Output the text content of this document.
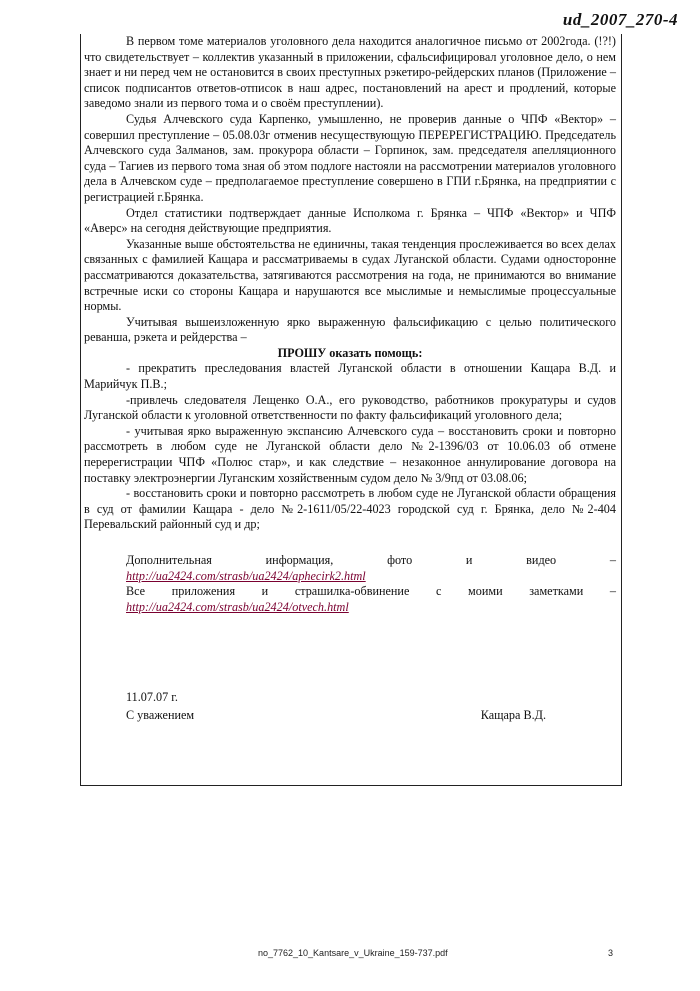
ud_2007_270-4

В первом томе материалов уголовного дела находится аналогичное письмо от 2002года. (!?!) что свидетельствует – коллектив указанный в приложении, сфальсифицировал уголовное дело, о нем знает и ни перед чем не остановится в своих преступных рэкетиро-рейдерских планов (Приложение – список подписантов ответов-отписок в наш адрес, постановлений на арест и продлений, которые заведомо знали из первого тома и о своём преступлении).

Судья Алчевского суда Карпенко, умышленно, не проверив данные о ЧПФ «Вектор» – совершил преступление – 05.08.03г отменив несуществующую ПЕРЕРЕГИСТРАЦИЮ. Председатель Алчевского суда Залманов, зам. прокурора области – Горпинок, зам. председателя апелляционного суда – Тагиев из первого тома зная об этом подлоге настояли на рассмотрении материалов уголовного дела в Алчевском суде – предполагаемое преступление совершено в ГПИ г.Брянка, на предприятии с регистрацией г.Брянка.

Отдел статистики подтверждает данные Исполкома г. Брянка – ЧПФ «Вектор» и ЧПФ «Аверс» на сегодня действующие предприятия.

Указанные выше обстоятельства не единичны, такая тенденция прослеживается во всех делах связанных с фамилией Кащара и рассматриваемы в судах Луганской области. Судами односторонне рассматриваются доказательства, затягиваются рассмотрения на года, не принимаются во внимание встречные иски со стороны Кащара и нарушаются все мыслимые и немыслимые процессуальные нормы.

Учитывая вышеизложенную ярко выраженную фальсификацию с целью политического реванша, рэкета и рейдерства –

ПРОШУ оказать помощь:

- прекратить преследования властей Луганской области в отношении Кащара В.Д. и Марийчук П.В.;

-привлечь следователя Лещенко О.А., его руководство, работников прокуратуры и судов Луганской области к уголовной ответственности по факту фальсификаций уголовного дела;

- учитывая ярко выраженную экспансию Алчевского суда – восстановить сроки и повторно рассмотреть в любом суде не Луганской области дело №2-1396/03 от 10.06.03 об отмене перерегистрации ЧПФ «Полюс стар», и как следствие – незаконное аннулирование договора на поставку электроэнергии Луганским хозяйственным судом дело № 3/9пд от 03.08.06;

- восстановить сроки и повторно рассмотреть в любом суде не Луганской области обращения в суд от фамилии Кащара - дело №2-1611/05/22-4023 городской суд г. Брянка, дело №2-404 Перевальский районный суд и др;

Дополнительная информация, фото и видео – http://ua2424.com/strasb/ua2424/aphecirk2.html

Все приложения и страшилка-обвинение с моими заметками – http://ua2424.com/strasb/ua2424/otvech.html

11.07.07 г.
С уважением	Кащара В.Д.
no_7762_10_Kantsare_v_Ukraine_159-737.pdf	3
